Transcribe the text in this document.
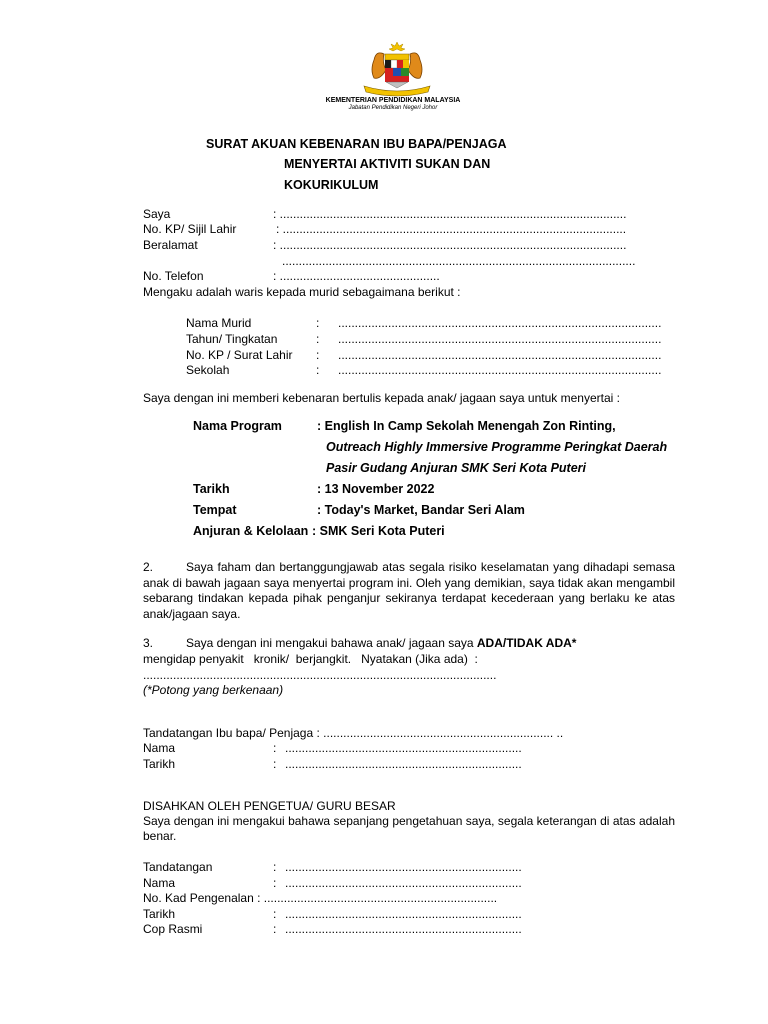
KEMENTERIAN PENDIDIKAN MALAYSIA
Jabatan Pendidikan Negeri Johor
SURAT AKUAN KEBENARAN IBU BAPA/PENJAGA
MENYERTAI AKTIVITI SUKAN DAN
KOKURIKULUM
Saya	: ........................................................................................................
No. KP/ Sijil Lahir	: .......................................................................................................
Beralamat	: ........................................................................................................
..........................................................................................................
No. Telefon	: ................................................
Mengaku adalah waris kepada murid sebagaimana berikut :
Nama Murid	: .................................................................................................
Tahun/ Tingkatan	: .................................................................................................
No. KP / Surat Lahir : .................................................................................................
Sekolah	: .................................................................................................
Saya dengan ini memberi kebenaran bertulis kepada anak/ jagaan saya untuk menyertai :
Nama Program	: English In Camp Sekolah Menengah Zon Rinting,
Outreach Highly Immersive Programme Peringkat Daerah
Pasir Gudang Anjuran SMK Seri Kota Puteri
Tarikh	: 13 November 2022
Tempat	: Today's Market, Bandar Seri Alam
Anjuran & Kelolaan : SMK Seri Kota Puteri
2.	Saya faham dan bertanggungjawab atas segala risiko keselamatan yang dihadapi semasa anak di bawah jagaan saya menyertai program ini. Oleh yang demikian, saya tidak akan mengambil sebarang tindakan kepada pihak penganjur sekiranya terdapat kecederaan yang berlaku ke atas anak/jagaan saya.
3.	Saya dengan ini mengakui bahawa anak/ jagaan saya ADA/TIDAK ADA*
mengidap penyakit   kronik/  berjangkit.   Nyatakan (Jika ada)  :
..........................................................................................................
(*Potong yang berkenaan)
Tandatangan Ibu bapa/ Penjaga : ..................................................................... ..
Nama	: .......................................................................
Tarikh	: .......................................................................
DISAHKAN OLEH PENGETUA/ GURU BESAR
Saya dengan ini mengakui bahawa sepanjang pengetahuan saya, segala keterangan di atas adalah benar.
Tandatangan	: .......................................................................
Nama	: .......................................................................
No. Kad Pengenalan : ......................................................................
Tarikh	: .......................................................................
Cop Rasmi	: .......................................................................
